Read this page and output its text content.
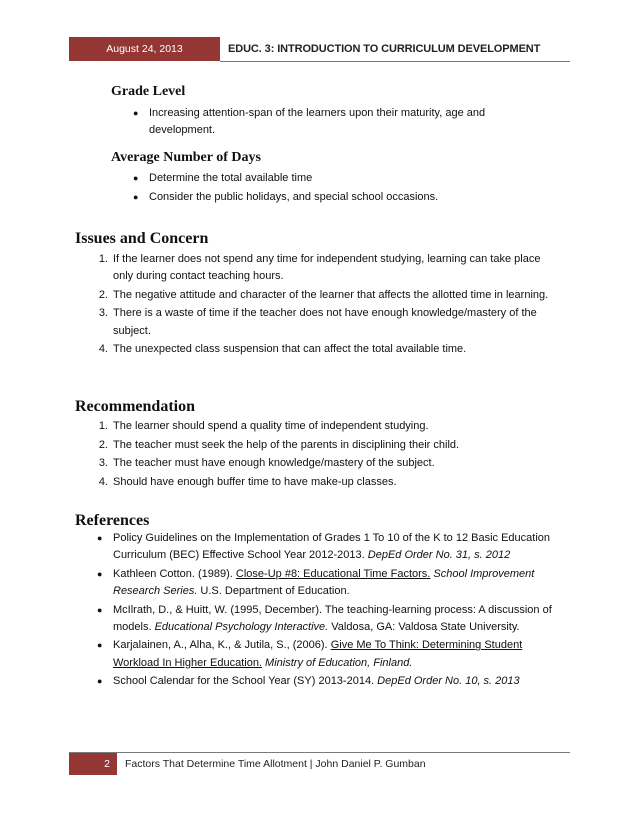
August 24, 2013	EDUC. 3: INTRODUCTION TO CURRICULUM DEVELOPMENT
Grade Level
● Increasing attention-span of the learners upon their maturity, age and development.
Average Number of Days
● Determine the total available time
● Consider the public holidays, and special school occasions.
Issues and Concern
1. If the learner does not spend any time for independent studying, learning can take place only during contact teaching hours.
2. The negative attitude and character of the learner that affects the allotted time in learning.
3. There is a waste of time if the teacher does not have enough knowledge/mastery of the subject.
4. The unexpected class suspension that can affect the total available time.
Recommendation
1. The learner should spend a quality time of independent studying.
2. The teacher must seek the help of the parents in disciplining their child.
3. The teacher must have enough knowledge/mastery of the subject.
4. Should have enough buffer time to have make-up classes.
References
● Policy Guidelines on the Implementation of Grades 1 To 10 of the K to 12 Basic Education Curriculum (BEC) Effective School Year 2012-2013. DepEd Order No. 31, s. 2012
● Kathleen Cotton. (1989). Close-Up #8: Educational Time Factors. School Improvement Research Series. U.S. Department of Education.
● McIlrath, D., & Huitt, W. (1995, December). The teaching-learning process: A discussion of models. Educational Psychology Interactive. Valdosa, GA: Valdosa State University.
● Karjalainen, A., Alha, K., & Jutila, S., (2006). Give Me To Think: Determining Student Workload In Higher Education. Ministry of Education, Finland.
● School Calendar for the School Year (SY) 2013-2014. DepEd Order No. 10, s. 2013
2	Factors That Determine Time Allotment | John Daniel P. Gumban
